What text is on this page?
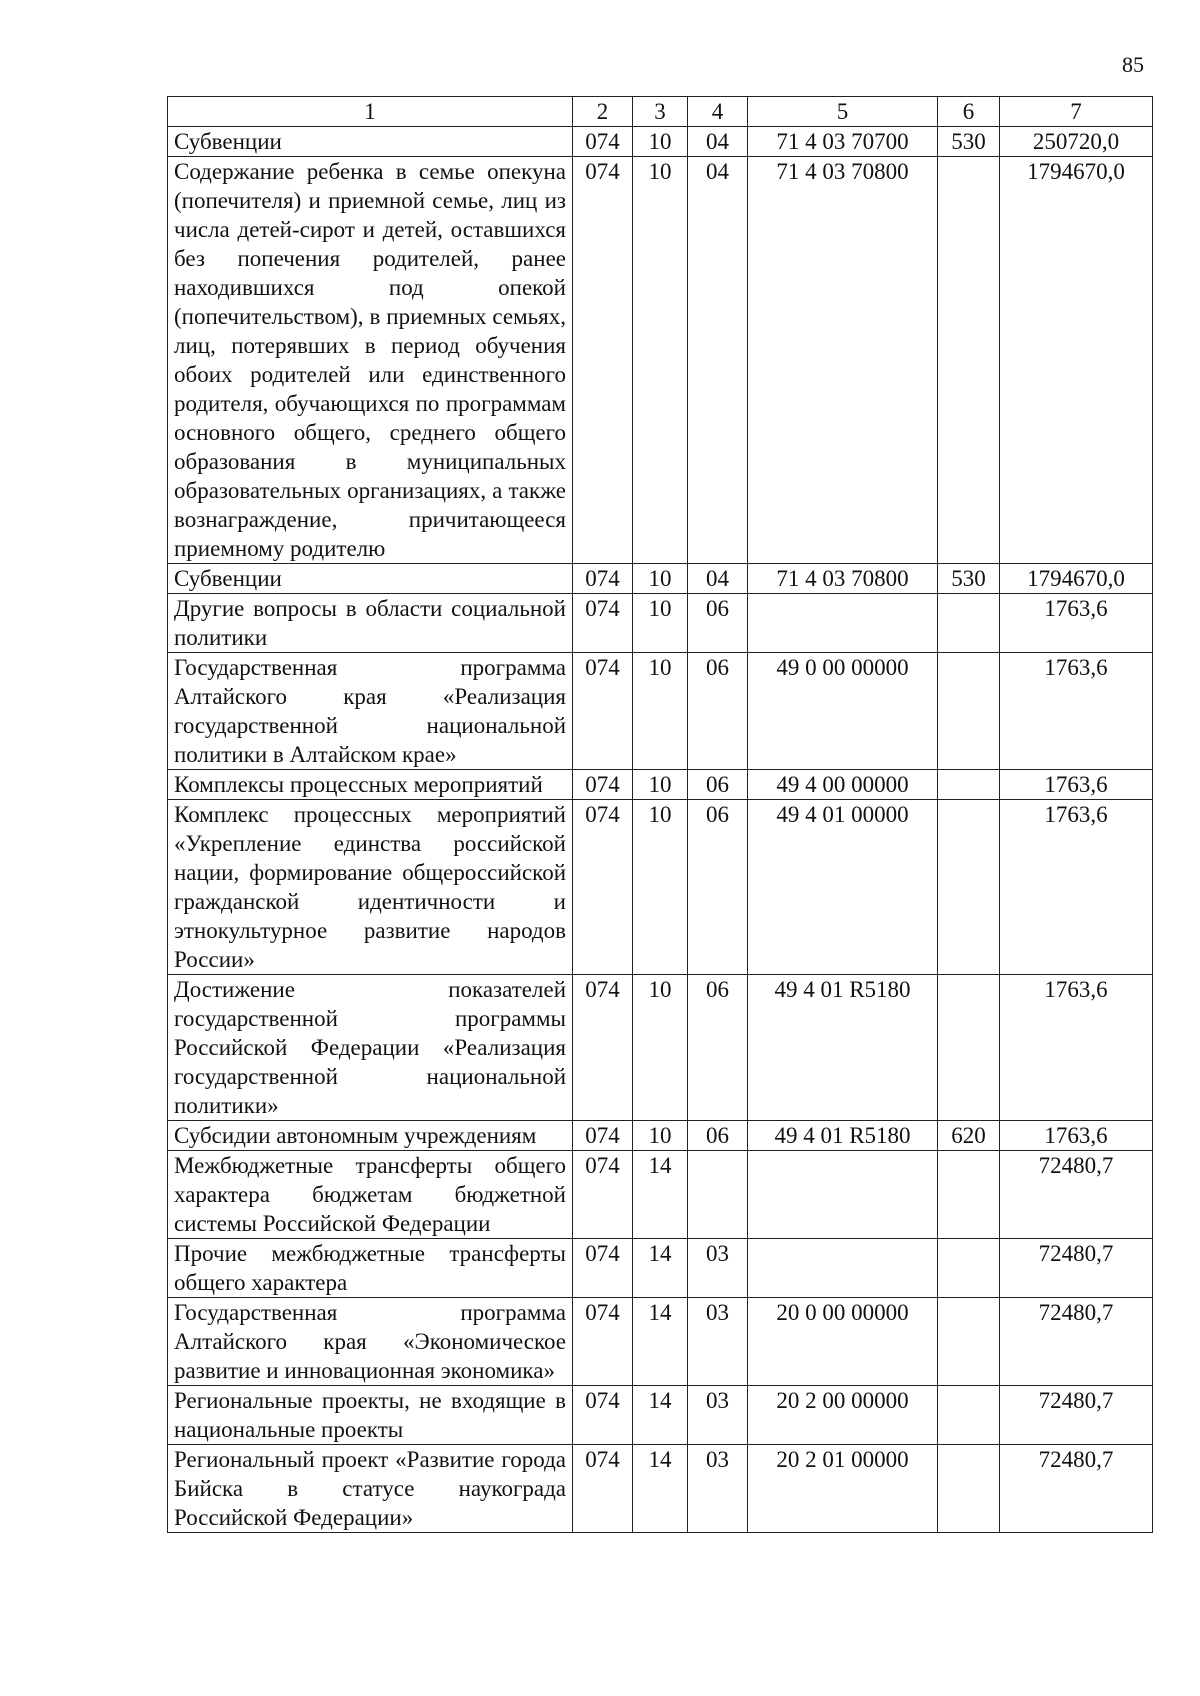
85
1	2	3	4	5	6	7
Субвенции	074	10	04	71 4 03 70700	530	250720,0
Содержание ребенка в семье опекуна (попечителя) и приемной семье, лиц из числа детей-сирот и детей, оставшихся без попечения родителей, ранее находившихся под опекой (попечительством), в приемных семьях, лиц, потерявших в период обучения обоих родителей или единственного родителя, обучающихся по программам основного общего, среднего общего образования в муниципальных образовательных организациях, а также вознаграждение, причитающееся приемному родителю	074	10	04	71 4 03 70800		1794670,0
Субвенции	074	10	04	71 4 03 70800	530	1794670,0
Другие вопросы в области социальной политики	074	10	06			1763,6
Государственная программа Алтайского края «Реализация государственной национальной политики в Алтайском крае»	074	10	06	49 0 00 00000		1763,6
Комплексы процессных мероприятий	074	10	06	49 4 00 00000		1763,6
Комплекс процессных мероприятий «Укрепление единства российской нации, формирование общероссийской гражданской идентичности и этнокультурное развитие народов России»	074	10	06	49 4 01 00000		1763,6
Достижение показателей государственной программы Российской Федерации «Реализация государственной национальной политики»	074	10	06	49 4 01 R5180		1763,6
Субсидии автономным учреждениям	074	10	06	49 4 01 R5180	620	1763,6
Межбюджетные трансферты общего характера бюджетам бюджетной системы Российской Федерации	074	14				72480,7
Прочие межбюджетные трансферты общего характера	074	14	03			72480,7
Государственная программа Алтайского края «Экономическое развитие и инновационная экономика»	074	14	03	20 0 00 00000		72480,7
Региональные проекты, не входящие в национальные проекты	074	14	03	20 2 00 00000		72480,7
Региональный проект «Развитие города Бийска в статусе наукограда Российской Федерации»	074	14	03	20 2 01 00000		72480,7
